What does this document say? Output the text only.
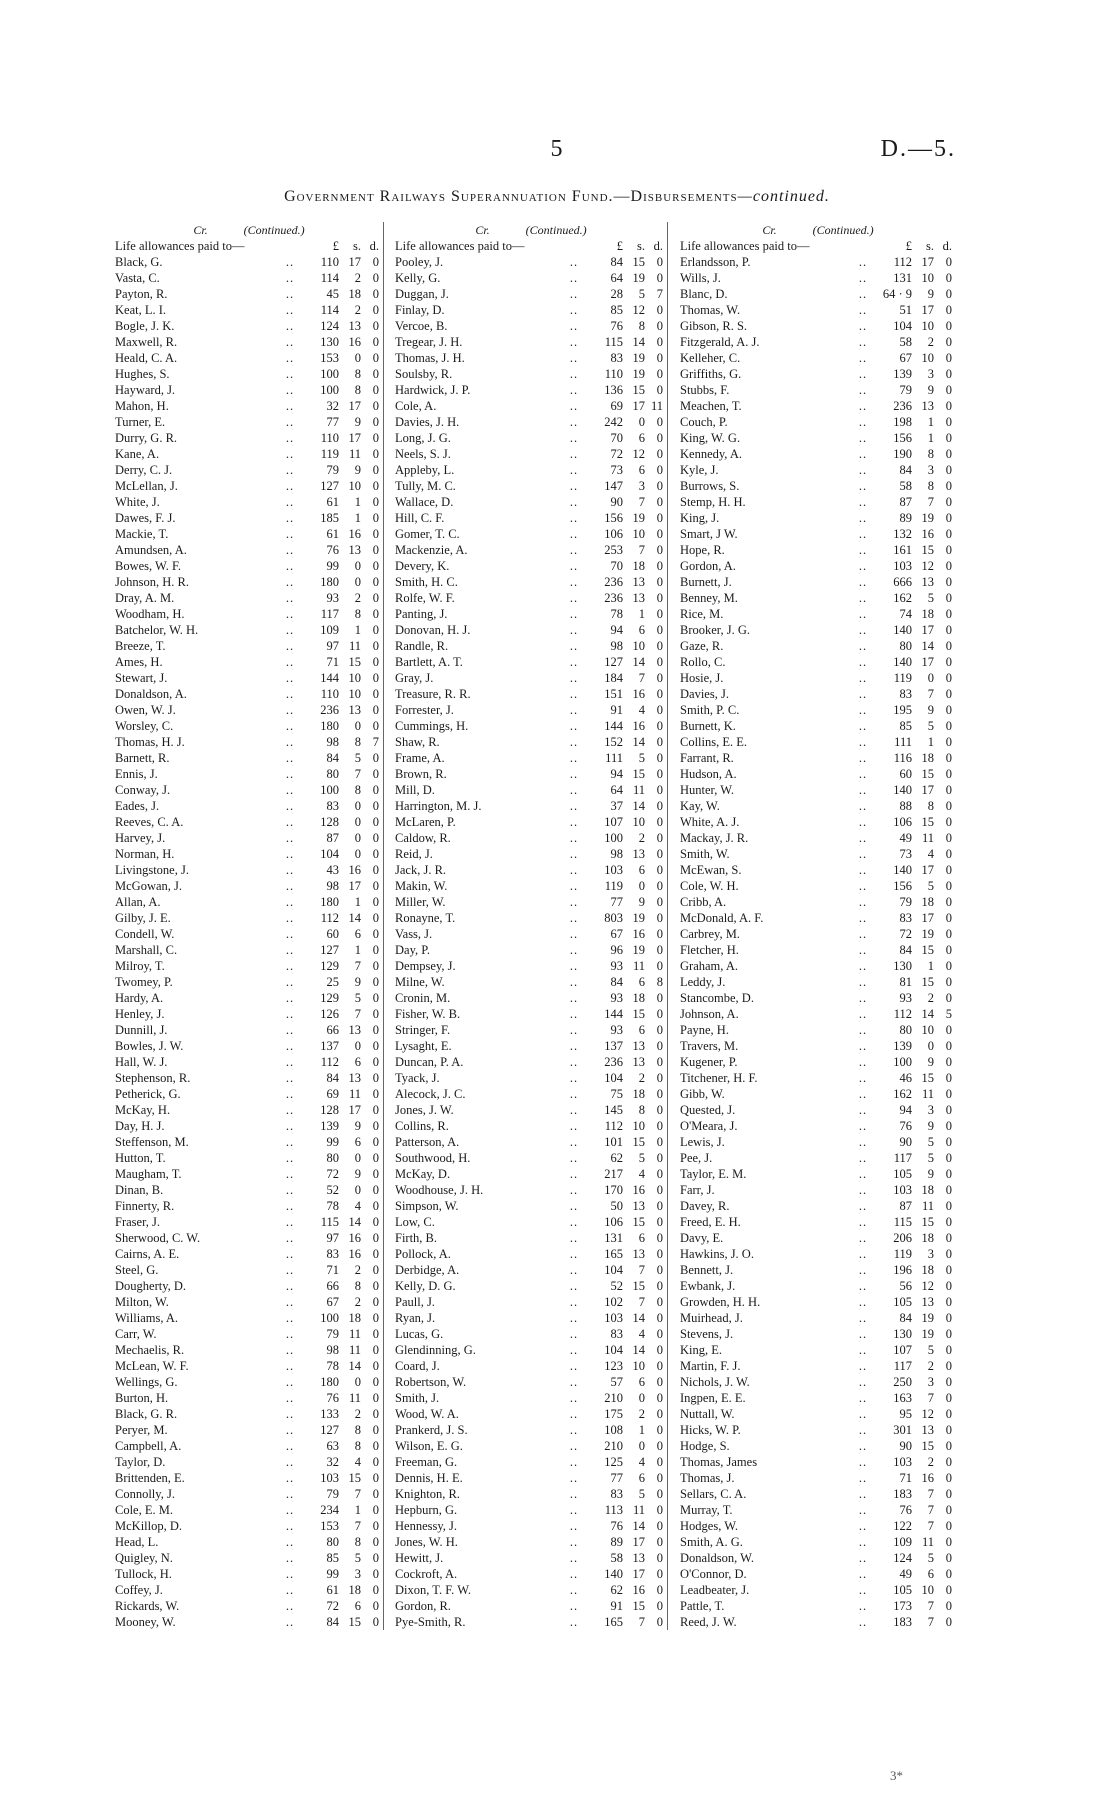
5	D.—5.
Government Railways Superannuation Fund.—Disbursements—continued.
Cr.	(Continued.)
Life allowances paid to—	£	s. d.
Black, G.	..	110 17 0
Vasta, C.	..	114	2 0
Payton, R.	..	45 18 0
Keat, L. I.	..	114	2 0
Bogle, J. K.	..	124 13 0
Maxwell, R.	..	130 16 0
Heald, C. A.	..	153	0 0
Hughes, S.	..	100	8 0
Hayward, J.	..	100	8 0
Mahon, H.	..	32 17 0
Turner, E.	..	77	9 0
Durry, G. R.	..	110 17 0
Kane, A.	..	119 11 0
Derry, C. J.	..	79	9 0
McLellan, J.	..	127 10 0
White, J.	..	61	1 0
Dawes, F. J.	..	185	1 0
Mackie, T.	..	61 16 0
Amundsen, A.	..	76 13 0
Bowes, W. F.	..	99	0 0
Johnson, H. R.	..	180	0 0
Dray, A. M.	..	93	2 0
Woodham, H.	..	117	8 0
Batchelor, W. H.	..	109	1 0
Breeze, T.	..	97 11 0
Ames, H.	..	71 15 0
Stewart, J.	..	144 10 0
Donaldson, A.	..	110 10 0
Owen, W. J.	..	236 13 0
Worsley, C.	..	180	0 0
Thomas, H. J.	..	98	8 7
Barnett, R.	..	84	5 0
Ennis, J.	..	80	7 0
Conway, J.	..	100	8 0
Eades, J.	..	83	0 0
Reeves, C. A.	..	128	0 0
Harvey, J.	..	87	0 0
Norman, H.	..	104	0 0
Livingstone, J.	..	43 16 0
McGowan, J.	..	98 17 0
Allan, A.	..	180	1 0
Gilby, J. E.	..	112 14 0
Condell, W.	..	60	6 0
Marshall, C.	..	127	1 0
Milroy, T.	..	129	7 0
Twomey, P.	..	25	9 0
Hardy, A.	..	129	5 0
Henley, J.	..	126	7 0
Dunnill, J.	..	66 13 0
Bowles, J. W.	..	137	0 0
Hall, W. J.	..	112	6 0
Stephenson, R.	..	84 13 0
Petherick, G.	..	69 11 0
McKay, H.	..	128 17 0
Day, H. J.	..	139	9 0
Steffenson, M.	..	99	6 0
Hutton, T.	..	80	0 0
Maugham, T.	..	72	9 0
Dinan, B.	..	52	0 0
Finnerty, R.	..	78	4 0
Fraser, J.	..	115 14 0
Sherwood, C. W.	..	97 16 0
Cairns, A. E.	..	83 16 0
Steel, G.	..	71	2 0
Dougherty, D.	..	66	8 0
Milton, W.	..	67	2 0
Williams, A.	..	100 18 0
Carr, W.	..	79 11 0
Mechaelis, R.	..	98 11 0
McLean, W. F.	..	78 14 0
Wellings, G.	..	180	0 0
Burton, H.	..	76 11 0
Black, G. R.	..	133	2 0
Peryer, M.	..	127	8 0
Campbell, A.	..	63	8 0
Taylor, D.	..	32	4 0
Brittenden, E.	..	103 15 0
Connolly, J.	..	79	7 0
Cole, E. M.	..	234	1 0
McKillop, D.	..	153	7 0
Head, L.	..	80	8 0
Quigley, N.	..	85	5 0
Tullock, H.	..	99	3 0
Coffey, J.	..	61 18 0
Rickards, W.	..	72	6 0
Mooney, W.	..	84 15 0
Cr.	(Continued.)
Life allowances paid to—	£	s. d.
Pooley, J.	..	84 15 0
Kelly, G.	..	64 19 0
Duggan, J.	..	28	5 7
Finlay, D.	..	85 12 0
Vercoe, B.	..	76	8 0
Tregear, J. H.	..	115 14 0
Thomas, J. H.	..	83 19 0
Soulsby, R.	..	110 19 0
Hardwick, J. P.	..	136 15 0
Cole, A.	..	69 17 11
Davies, J. H.	..	242	0 0
Long, J. G.	..	70	6 0
Neels, S. J.	..	72 12 0
Appleby, L.	..	73	6 0
Tully, M. C.	..	147	3 0
Wallace, D.	..	90	7 0
Hill, C. F.	..	156 19 0
Gomer, T. C.	..	106 10 0
Mackenzie, A.	..	253	7 0
Devery, K.	..	70 18 0
Smith, H. C.	..	236 13 0
Rolfe, W. F.	..	236 13 0
Panting, J.	..	78	1 0
Donovan, H. J.	..	94	6 0
Randle, R.	..	98 10 0
Bartlett, A. T.	..	127 14 0
Gray, J.	..	184	7 0
Treasure, R. R.	..	151 16 0
Forrester, J.	..	91	4 0
Cummings, H.	..	144 16 0
Shaw, R.	..	152 14 0
Frame, A.	..	111	5 0
Brown, R.	..	94 15 0
Mill, D.	..	64 11 0
Harrington, M. J.	..	37 14 0
McLaren, P.	..	107 10 0
Caldow, R.	..	100	2 0
Reid, J.	..	98 13 0
Jack, J. R.	..	103	6 0
Makin, W.	..	119	0 0
Miller, W.	..	77	9 0
Ronayne, T.	..	803 19 0
Vass, J.	..	67 16 0
Day, P.	..	96 19 0
Dempsey, J.	..	93 11 0
Milne, W.	..	84	6 8
Cronin, M.	..	93 18 0
Fisher, W. B.	..	144 15 0
Stringer, F.	..	93	6 0
Lysaght, E.	..	137 13 0
Duncan, P. A.	..	236 13 0
Tyack, J.	..	104	2 0
Alecock, J. C.	..	75 18 0
Jones, J. W.	..	145	8 0
Collins, R.	..	112 10 0
Patterson, A.	..	101 15 0
Southwood, H.	..	62	5 0
McKay, D.	..	217	4 0
Woodhouse, J. H.	..	170 16 0
Simpson, W.	..	50 13 0
Low, C.	..	106 15 0
Firth, B.	..	131	6 0
Pollock, A.	..	165 13 0
Derbidge, A.	..	104	7 0
Kelly, D. G.	..	52 15 0
Paull, J.	..	102	7 0
Ryan, J.	..	103 14 0
Lucas, G.	..	83	4 0
Glendinning, G.	..	104 14 0
Coard, J.	..	123 10 0
Robertson, W.	..	57	6 0
Smith, J.	..	210	0 0
Wood, W. A.	..	175	2 0
Prankerd, J. S.	..	108	1 0
Wilson, E. G.	..	210	0 0
Freeman, G.	..	125	4 0
Dennis, H. E.	..	77	6 0
Knighton, R.	..	83	5 0
Hepburn, G.	..	113 11 0
Hennessy, J.	..	76 14 0
Jones, W. H.	..	89 17 0
Hewitt, J.	..	58 13 0
Cockroft, A.	..	140 17 0
Dixon, T. F. W.	..	62 16 0
Gordon, R.	..	91 15 0
Pye-Smith, R.	..	165	7 0
Cr.	(Continued.)
Life allowances paid to—	£	s. d.
Erlandsson, P.	..	112 17 0
Wills, J.	..	131 10 0
Blanc, D.	..	64 · 9	9 0
Thomas, W.	..	51 17 0
Gibson, R. S.	..	104 10 0
Fitzgerald, A. J.	..	58	2 0
Kelleher, C.	..	67 10 0
Griffiths, G.	..	139	3 0
Stubbs, F.	..	79	9 0
Meachen, T.	..	236 13 0
Couch, P.	..	198	1 0
King, W. G.	..	156	1 0
Kennedy, A.	..	190	8 0
Kyle, J.	..	84	3 0
Burrows, S.	..	58	8 0
Stemp, H. H.	..	87	7 0
King, J.	..	89 19 0
Smart, J W.	..	132 16 0
Hope, R.	..	161 15 0
Gordon, A.	..	103 12 0
Burnett, J.	..	666 13 0
Benney, M.	..	162	5 0
Rice, M.	..	74 18 0
Brooker, J. G.	..	140 17 0
Gaze, R.	..	80 14 0
Rollo, C.	..	140 17 0
Hosie, J.	..	119	0 0
Davies, J.	..	83	7 0
Smith, P. C.	..	195	9 0
Burnett, K.	..	85	5 0
Collins, E. E.	..	111	1 0
Farrant, R.	..	116 18 0
Hudson, A.	..	60 15 0
Hunter, W.	..	140 17 0
Kay, W.	..	88	8 0
White, A. J.	..	106 15 0
Mackay, J. R.	..	49 11 0
Smith, W.	..	73	4 0
McEwan, S.	..	140 17 0
Cole, W. H.	..	156	5 0
Cribb, A.	..	79 18 0
McDonald, A. F.	..	83 17 0
Carbrey, M.	..	72 19 0
Fletcher, H.	..	84 15 0
Graham, A.	..	130	1 0
Leddy, J.	..	81 15 0
Stancombe, D.	..	93	2 0
Johnson, A.	..	112 14 5
Payne, H.	..	80 10 0
Travers, M.	..	139	0 0
Kugener, P.	..	100	9 0
Titchener, H. F.	..	46 15 0
Gibb, W.	..	162 11 0
Quested, J.	..	94	3 0
O'Meara, J.	..	76	9 0
Lewis, J.	..	90	5 0
Pee, J.	..	117	5 0
Taylor, E. M.	..	105	9 0
Farr, J.	..	103 18 0
Davey, R.	..	87 11 0
Freed, E. H.	..	115 15 0
Davy, E.	..	206 18 0
Hawkins, J. O.	..	119	3 0
Bennett, J.	..	196 18 0
Ewbank, J.	..	56 12 0
Growden, H. H.	..	105 13 0
Muirhead, J.	..	84 19 0
Stevens, J.	..	130 19 0
King, E.	..	107	5 0
Martin, F. J.	..	117	2 0
Nichols, J. W.	..	250	3 0
Ingpen, E. E.	..	163	7 0
Nuttall, W.	..	95 12 0
Hicks, W. P.	..	301 13 0
Hodge, S.	..	90 15 0
Thomas, James	..	103	2 0
Thomas, J.	..	71 16 0
Sellars, C. A.	..	183	7 0
Murray, T.	..	76	7 0
Hodges, W.	..	122	7 0
Smith, A. G.	..	109 11 0
Donaldson, W.	..	124	5 0
O'Connor, D.	..	49	6 0
Leadbeater, J.	..	105 10 0
Pattle, T.	..	173	7 0
Reed, J. W.	..	183	7 0
3*
